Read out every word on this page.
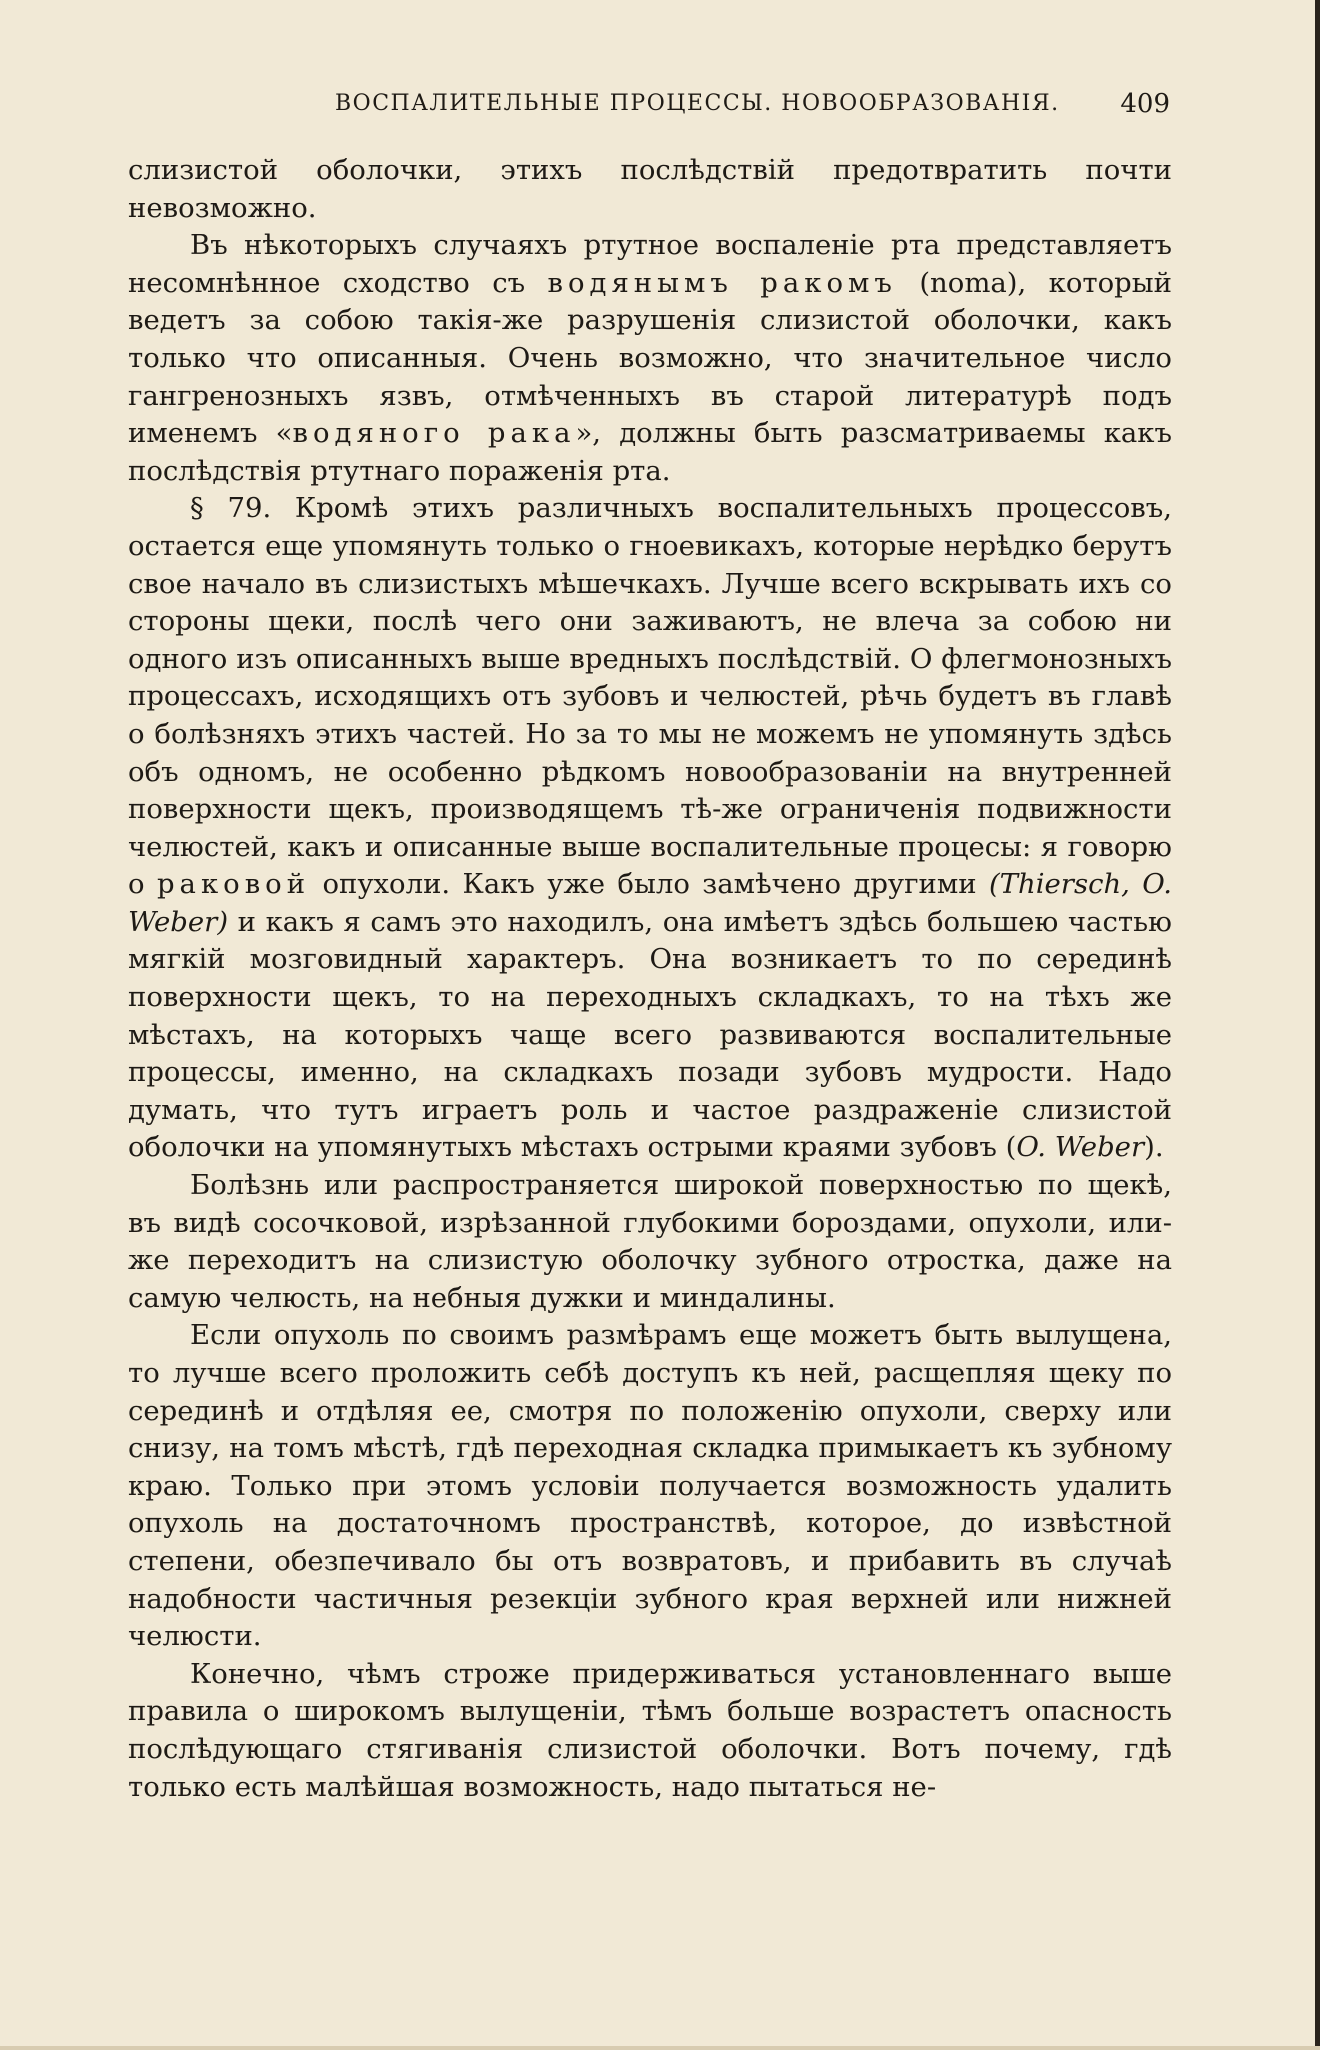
ВОСПАЛИТЕЛЬНЫЕ ПРОЦЕССЫ. НОВООБРАЗОВАНІЯ. 409

слизистой оболочки, этихъ послѣдствій предотвратить почти невозможно.

Въ нѣкоторыхъ случаяхъ ртутное воспаленіе рта представляетъ несомнѣнное сходство съ водянымъ ракомъ (noma), который ведетъ за собою такія-же разрушенія слизистой оболочки, какъ только что описанныя. Очень возможно, что значительное число гангренозныхъ язвъ, отмѣченныхъ въ старой литературѣ подъ именемъ «водяного рака», должны быть разсматриваемы какъ послѣдствія ртутнаго пораженія рта.

§ 79. Кромѣ этихъ различныхъ воспалительныхъ процессовъ, остается еще упомянуть только о гноевикахъ, которые нерѣдко берутъ свое начало въ слизистыхъ мѣшечкахъ. Лучше всего вскрывать ихъ со стороны щеки, послѣ чего они заживаютъ, не влеча за собою ни одного изъ описанныхъ выше вредныхъ послѣдствій. О флегмонозныхъ процессахъ, исходящихъ отъ зубовъ и челюстей, рѣчь будетъ въ главѣ о болѣзняхъ этихъ частей. Но за то мы не можемъ не упомянуть здѣсь объ одномъ, не особенно рѣдкомъ новообразованіи на внутренней поверхности щекъ, производящемъ тѣ-же ограниченія подвижности челюстей, какъ и описанные выше воспалительные процесы: я говорю о раковой опухоли. Какъ уже было замѣчено другими (Thiersch, O. Weber) и какъ я самъ это находилъ, она имѣетъ здѣсь большею частью мягкій мозговидный характеръ. Она возникаетъ то по серединѣ поверхности щекъ, то на переходныхъ складкахъ, то на тѣхъ же мѣстахъ, на которыхъ чаще всего развиваются воспалительные процессы, именно, на складкахъ позади зубовъ мудрости. Надо думать, что тутъ играетъ роль и частое раздраженіе слизистой оболочки на упомянутыхъ мѣстахъ острыми краями зубовъ (O. Weber).

Болѣзнь или распространяется широкой поверхностью по щекѣ, въ видѣ сосочковой, изрѣзанной глубокими бороздами, опухоли, или-же переходитъ на слизистую оболочку зубного отростка, даже на самую челюсть, на небныя дужки и миндалины.

Если опухоль по своимъ размѣрамъ еще можетъ быть вылущена, то лучше всего проложить себѣ доступъ къ ней, расщепляя щеку по серединѣ и отдѣляя ее, смотря по положенію опухоли, сверху или снизу, на томъ мѣстѣ, гдѣ переходная складка примыкаетъ къ зубному краю. Только при этомъ условіи получается возможность удалить опухоль на достаточномъ пространствѣ, которое, до извѣстной степени, обезпечивало бы отъ возвратовъ, и прибавить въ случаѣ надобности частичныя резекціи зубного края верхней или нижней челюсти.

Конечно, чѣмъ строже придерживаться установленнаго выше правила о широкомъ вылущеніи, тѣмъ больше возрастетъ опасность послѣдующаго стягиванія слизистой оболочки. Вотъ почему, гдѣ только есть малѣйшая возможность, надо пытаться не-
